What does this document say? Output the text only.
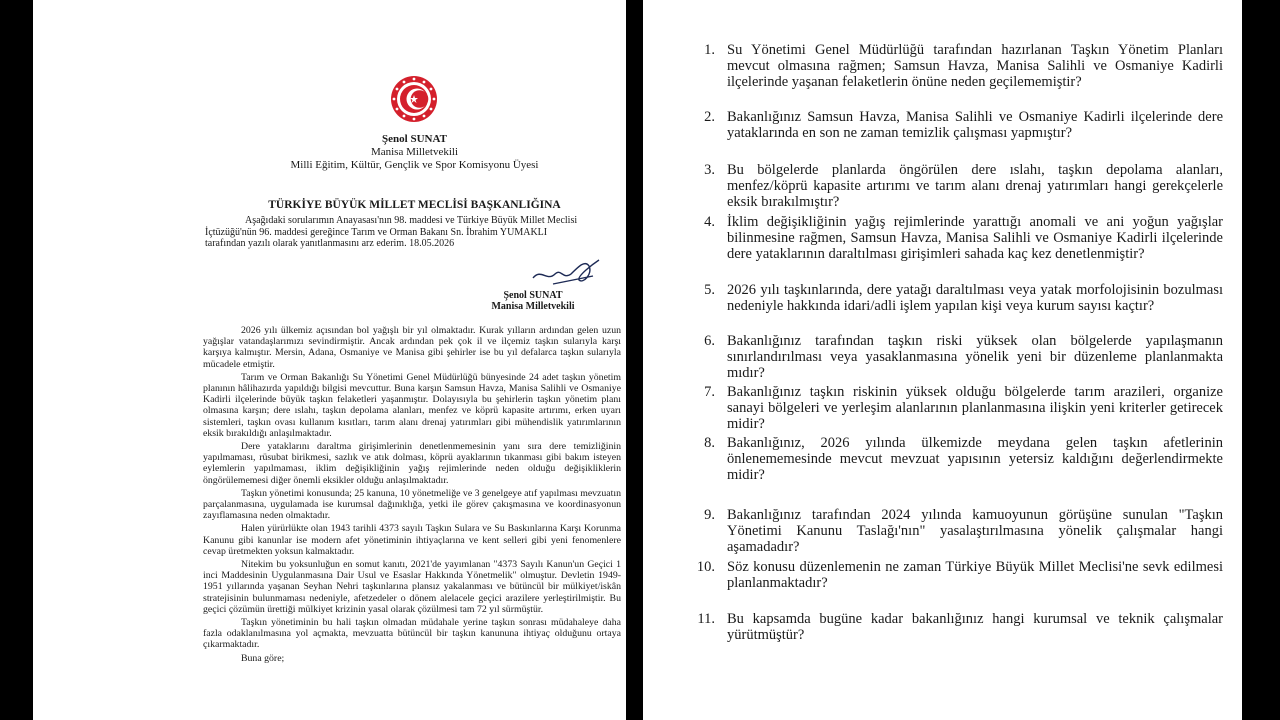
Şenol SUNAT
Manisa Milletvekili
Milli Eğitim, Kültür, Gençlik ve Spor Komisyonu Üyesi
TÜRKİYE BÜYÜK MİLLET MECLİSİ BAŞKANLIĞINA
Aşağıdaki sorularımın Anayasası'nın 98. maddesi ve Türkiye Büyük Millet Meclisi
İçtüzüğü'nün 96. maddesi gereğince Tarım ve Orman Bakanı Sn. İbrahim YUMAKLI
tarafından yazılı olarak yanıtlanmasını arz ederim. 18.05.2026
Şenol SUNAT
Manisa Milletvekili

2026 yılı ülkemiz açısından bol yağışlı bir yıl olmaktadır. Kurak yılların ardından gelen uzun yağışlar vatandaşlarımızı sevindirmiştir. Ancak ardından pek çok il ve ilçemiz taşkın sularıyla karşı karşıya kalmıştır. Mersin, Adana, Osmaniye ve Manisa gibi şehirler ise bu yıl defalarca taşkın sularıyla mücadele etmiştir.

Tarım ve Orman Bakanlığı Su Yönetimi Genel Müdürlüğü bünyesinde 24 adet taşkın yönetim planının hâlihazırda yapıldığı bilgisi mevcuttur. Buna karşın Samsun Havza, Manisa Salihli ve Osmaniye Kadirli ilçelerinde büyük taşkın felaketleri yaşanmıştır. Dolayısıyla bu şehirlerin taşkın yönetim planı olmasına karşın; dere ıslahı, taşkın depolama alanları, menfez ve köprü kapasite artırımı, erken uyarı sistemleri, taşkın ovası kullanım kısıtları, tarım alanı drenaj yatırımları gibi mühendislik yatırımlarının eksik bırakıldığı anlaşılmaktadır.

Dere yataklarını daraltma girişimlerinin denetlenmemesinin yanı sıra dere temizliğinin yapılmaması, rüsubat birikmesi, sazlık ve atık dolması, köprü ayaklarının tıkanması gibi bakım isteyen eylemlerin yapılmaması, iklim değişikliğinin yağış rejimlerinde neden olduğu değişikliklerin öngörülememesi diğer önemli eksikler olduğu anlaşılmaktadır.

Taşkın yönetimi konusunda; 25 kanuna, 10 yönetmeliğe ve 3 genelgeye atıf yapılması mevzuatın parçalanmasına, uygulamada ise kurumsal dağınıklığa, yetki ile görev çakışmasına ve koordinasyonun zayıflamasına neden olmaktadır.

Halen yürürlükte olan 1943 tarihli 4373 sayılı Taşkın Sulara ve Su Baskınlarına Karşı Korunma Kanunu gibi kanunlar ise modern afet yönetiminin ihtiyaçlarına ve kent selleri gibi yeni fenomenlere cevap üretmekten yoksun kalmaktadır.

Nitekim bu yoksunluğun en somut kanıtı, 2021'de yayımlanan "4373 Sayılı Kanun'un Geçici 1 inci Maddesinin Uygulanmasına Dair Usul ve Esaslar Hakkında Yönetmelik" olmuştur. Devletin 1949-1951 yıllarında yaşanan Seyhan Nehri taşkınlarına plansız yakalanması ve bütüncül bir mülkiyet/iskân stratejisinin bulunmaması nedeniyle, afetzedeler o dönem alelacele geçici arazilere yerleştirilmiştir. Bu geçici çözümün ürettiği mülkiyet krizinin yasal olarak çözülmesi tam 72 yıl sürmüştür.

Taşkın yönetiminin bu hali taşkın olmadan müdahale yerine taşkın sonrası müdahaleye daha fazla odaklanılmasına yol açmakta, mevzuatta bütüncül bir taşkın kanununa ihtiyaç olduğunu ortaya çıkarmaktadır.

Buna göre;

1. Su Yönetimi Genel Müdürlüğü tarafından hazırlanan Taşkın Yönetim Planları mevcut olmasına rağmen; Samsun Havza, Manisa Salihli ve Osmaniye Kadirli ilçelerinde yaşanan felaketlerin önüne neden geçilememiştir?
2. Bakanlığınız Samsun Havza, Manisa Salihli ve Osmaniye Kadirli ilçelerinde dere yataklarında en son ne zaman temizlik çalışması yapmıştır?
3. Bu bölgelerde planlarda öngörülen dere ıslahı, taşkın depolama alanları, menfez/köprü kapasite artırımı ve tarım alanı drenaj yatırımları hangi gerekçelerle eksik bırakılmıştır?
4. İklim değişikliğinin yağış rejimlerinde yarattığı anomali ve ani yoğun yağışlar bilinmesine rağmen, Samsun Havza, Manisa Salihli ve Osmaniye Kadirli ilçelerinde dere yataklarının daraltılması girişimleri sahada kaç kez denetlenmiştir?
5. 2026 yılı taşkınlarında, dere yatağı daraltılması veya yatak morfolojisinin bozulması nedeniyle hakkında idari/adli işlem yapılan kişi veya kurum sayısı kaçtır?
6. Bakanlığınız tarafından taşkın riski yüksek olan bölgelerde yapılaşmanın sınırlandırılması veya yasaklanmasına yönelik yeni bir düzenleme planlanmakta mıdır?
7. Bakanlığınız taşkın riskinin yüksek olduğu bölgelerde tarım arazileri, organize sanayi bölgeleri ve yerleşim alanlarının planlanmasına ilişkin yeni kriterler getirecek midir?
8. Bakanlığınız, 2026 yılında ülkemizde meydana gelen taşkın afetlerinin önlenememesinde mevcut mevzuat yapısının yetersiz kaldığını değerlendirmekte midir?
9. Bakanlığınız tarafından 2024 yılında kamuoyunun görüşüne sunulan "Taşkın Yönetimi Kanunu Taslağı'nın" yasalaştırılmasına yönelik çalışmalar hangi aşamadadır?
10. Söz konusu düzenlemenin ne zaman Türkiye Büyük Millet Meclisi'ne sevk edilmesi planlanmaktadır?
11. Bu kapsamda bugüne kadar bakanlığınız hangi kurumsal ve teknik çalışmalar yürütmüştür?
